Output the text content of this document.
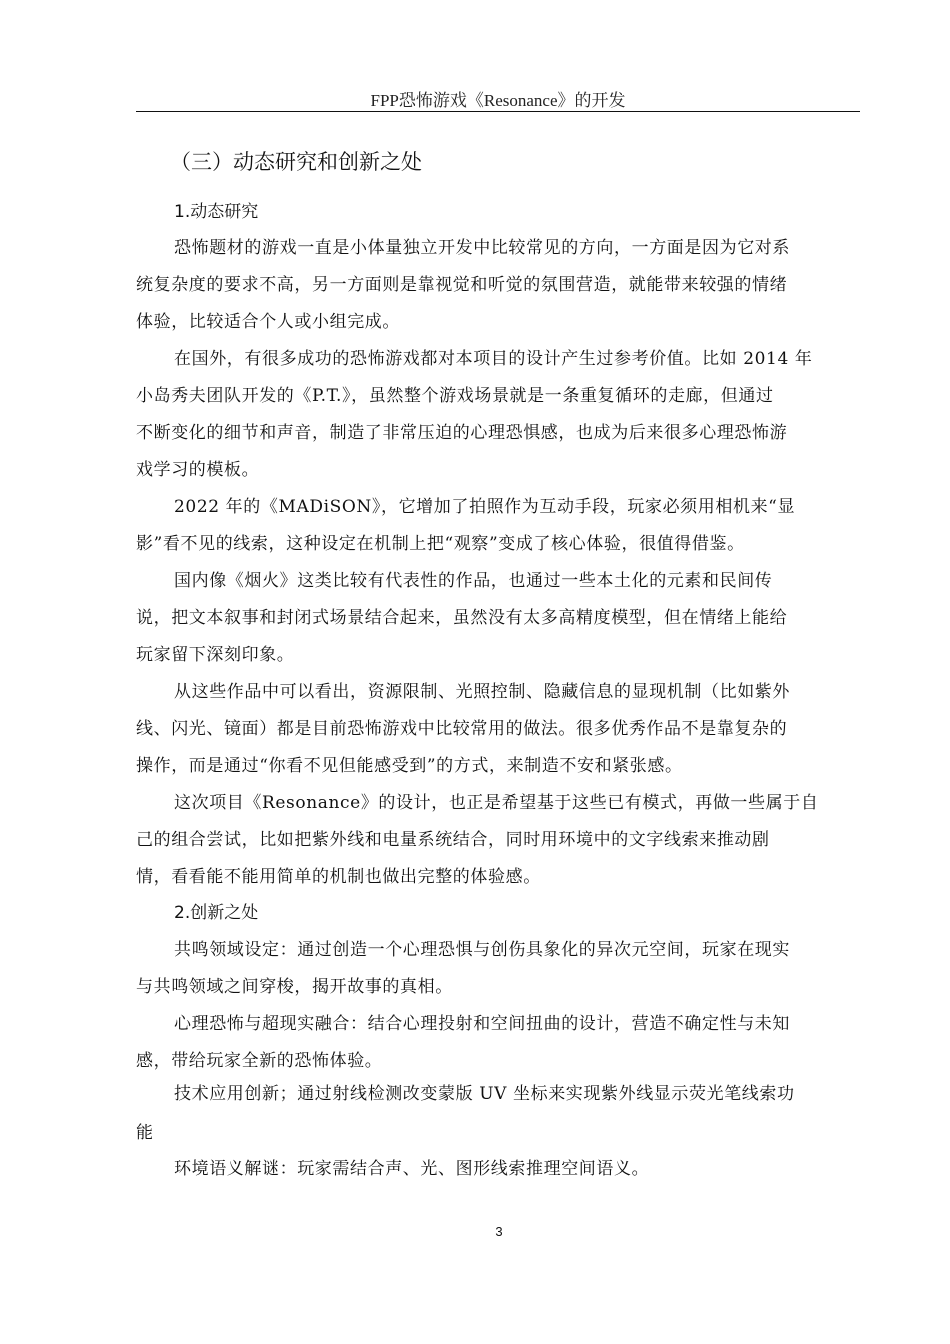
FPP恐怖游戏《Resonance》的开发
（三）动态研究和创新之处
1.动态研究
恐怖题材的游戏一直是小体量独立开发中比较常见的方向，一方面是因为它对系
统复杂度的要求不高，另一方面则是靠视觉和听觉的氛围营造，就能带来较强的情绪
体验，比较适合个人或小组完成。
在国外，有很多成功的恐怖游戏都对本项目的设计产生过参考价值。比如 2014 年
小岛秀夫团队开发的《P.T.》，虽然整个游戏场景就是一条重复循环的走廊，但通过
不断变化的细节和声音，制造了非常压迫的心理恐惧感，也成为后来很多心理恐怖游
戏学习的模板。
2022 年的《MADiSON》，它增加了拍照作为互动手段，玩家必须用相机来“显
影”看不见的线索，这种设定在机制上把“观察”变成了核心体验，很值得借鉴。
国内像《烟火》这类比较有代表性的作品，也通过一些本土化的元素和民间传
说，把文本叙事和封闭式场景结合起来，虽然没有太多高精度模型，但在情绪上能给
玩家留下深刻印象。
从这些作品中可以看出，资源限制、光照控制、隐藏信息的显现机制（比如紫外
线、闪光、镜面）都是目前恐怖游戏中比较常用的做法。很多优秀作品不是靠复杂的
操作，而是通过“你看不见但能感受到”的方式，来制造不安和紧张感。
这次项目《Resonance》的设计，也正是希望基于这些已有模式，再做一些属于自
己的组合尝试，比如把紫外线和电量系统结合，同时用环境中的文字线索来推动剧
情，看看能不能用简单的机制也做出完整的体验感。
2.创新之处
共鸣领域设定：通过创造一个心理恐惧与创伤具象化的异次元空间，玩家在现实
与共鸣领域之间穿梭，揭开故事的真相。
心理恐怖与超现实融合：结合心理投射和空间扭曲的设计，营造不确定性与未知
感，带给玩家全新的恐怖体验。
技术应用创新；通过射线检测改变蒙版 UV 坐标来实现紫外线显示荧光笔线索功
能
环境语义解谜：玩家需结合声、光、图形线索推理空间语义。
3
